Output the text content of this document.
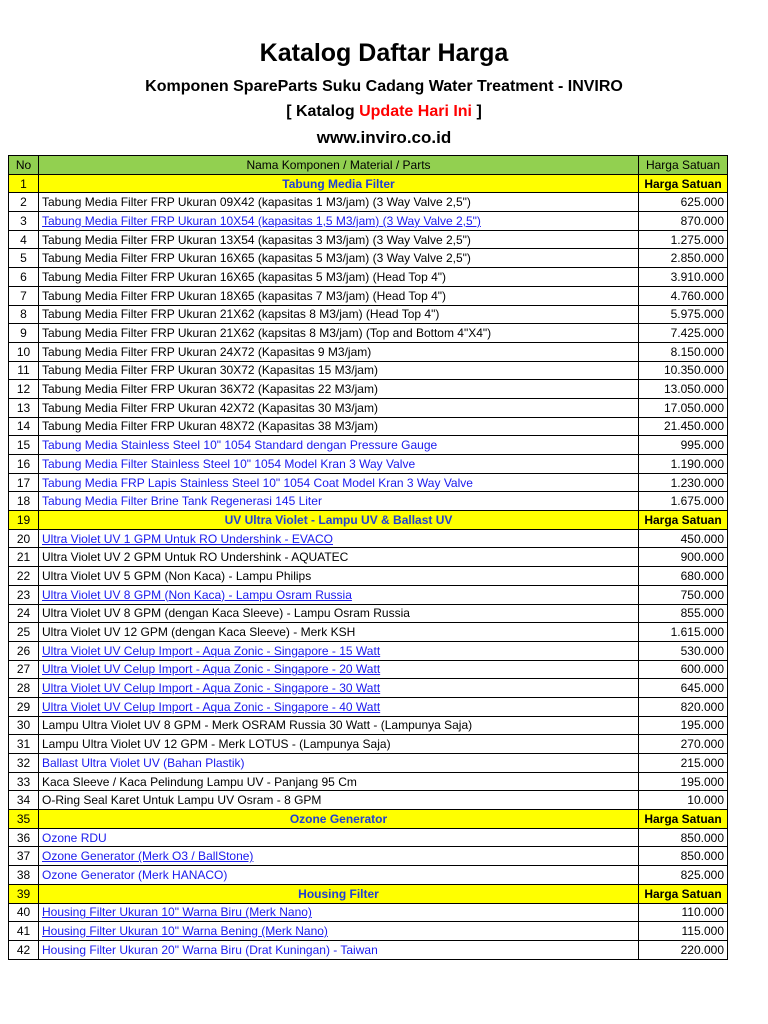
Katalog Daftar Harga
Komponen SpareParts Suku Cadang Water Treatment - INVIRO
[ Katalog Update Hari Ini ]
www.inviro.co.id
No	Nama Komponen / Material / Parts	Harga Satuan
1	Tabung Media Filter	Harga Satuan
2	Tabung Media Filter FRP Ukuran 09X42 (kapasitas 1 M3/jam) (3 Way Valve 2,5")	625.000
3	Tabung Media Filter FRP Ukuran 10X54 (kapasitas 1,5 M3/jam) (3 Way Valve 2,5")	870.000
4	Tabung Media Filter FRP Ukuran 13X54 (kapasitas 3 M3/jam) (3 Way Valve 2,5")	1.275.000
5	Tabung Media Filter FRP Ukuran 16X65 (kapasitas 5 M3/jam) (3 Way Valve 2,5")	2.850.000
6	Tabung Media Filter FRP Ukuran 16X65 (kapasitas 5 M3/jam) (Head Top 4")	3.910.000
7	Tabung Media Filter FRP Ukuran 18X65 (kapasitas 7 M3/jam) (Head Top 4")	4.760.000
8	Tabung Media Filter FRP Ukuran 21X62 (kapsitas 8 M3/jam) (Head Top 4")	5.975.000
9	Tabung Media Filter FRP Ukuran 21X62 (kapsitas 8 M3/jam) (Top and Bottom 4"X4")	7.425.000
10	Tabung Media Filter FRP Ukuran 24X72 (Kapasitas 9 M3/jam)	8.150.000
11	Tabung Media Filter FRP Ukuran 30X72 (Kapasitas 15 M3/jam)	10.350.000
12	Tabung Media Filter FRP Ukuran 36X72 (Kapasitas 22 M3/jam)	13.050.000
13	Tabung Media Filter FRP Ukuran 42X72 (Kapasitas 30 M3/jam)	17.050.000
14	Tabung Media Filter FRP Ukuran 48X72 (Kapasitas 38 M3/jam)	21.450.000
15	Tabung Media Stainless Steel 10" 1054 Standard dengan Pressure Gauge	995.000
16	Tabung Media Filter Stainless Steel 10" 1054 Model Kran 3 Way Valve	1.190.000
17	Tabung Media FRP Lapis Stainless Steel 10" 1054 Coat Model Kran 3 Way Valve	1.230.000
18	Tabung Media Filter Brine Tank Regenerasi 145 Liter	1.675.000
19	UV Ultra Violet - Lampu UV & Ballast UV	Harga Satuan
20	Ultra Violet UV 1 GPM Untuk RO Undershink - EVACO	450.000
21	Ultra Violet UV 2 GPM Untuk RO Undershink - AQUATEC	900.000
22	Ultra Violet UV 5 GPM (Non Kaca) - Lampu Philips	680.000
23	Ultra Violet UV 8 GPM (Non Kaca) - Lampu Osram Russia	750.000
24	Ultra Violet UV 8 GPM (dengan Kaca Sleeve) - Lampu Osram Russia	855.000
25	Ultra Violet UV 12 GPM (dengan Kaca Sleeve) - Merk KSH	1.615.000
26	Ultra Violet UV Celup Import - Aqua Zonic - Singapore - 15 Watt	530.000
27	Ultra Violet UV Celup Import - Aqua Zonic - Singapore - 20 Watt	600.000
28	Ultra Violet UV Celup Import - Aqua Zonic - Singapore - 30 Watt	645.000
29	Ultra Violet UV Celup Import - Aqua Zonic - Singapore - 40 Watt	820.000
30	Lampu Ultra Violet UV 8 GPM - Merk OSRAM Russia 30 Watt - (Lampunya Saja)	195.000
31	Lampu Ultra Violet UV 12 GPM - Merk LOTUS - (Lampunya Saja)	270.000
32	Ballast Ultra Violet UV (Bahan Plastik)	215.000
33	Kaca Sleeve / Kaca Pelindung Lampu UV - Panjang 95 Cm	195.000
34	O-Ring Seal Karet Untuk Lampu UV Osram - 8 GPM	10.000
35	Ozone Generator	Harga Satuan
36	Ozone RDU	850.000
37	Ozone Generator (Merk O3 / BallStone)	850.000
38	Ozone Generator (Merk HANACO)	825.000
39	Housing Filter	Harga Satuan
40	Housing Filter Ukuran 10" Warna Biru (Merk Nano)	110.000
41	Housing Filter Ukuran 10" Warna Bening (Merk Nano)	115.000
42	Housing Filter Ukuran 20" Warna Biru (Drat Kuningan) - Taiwan	220.000
